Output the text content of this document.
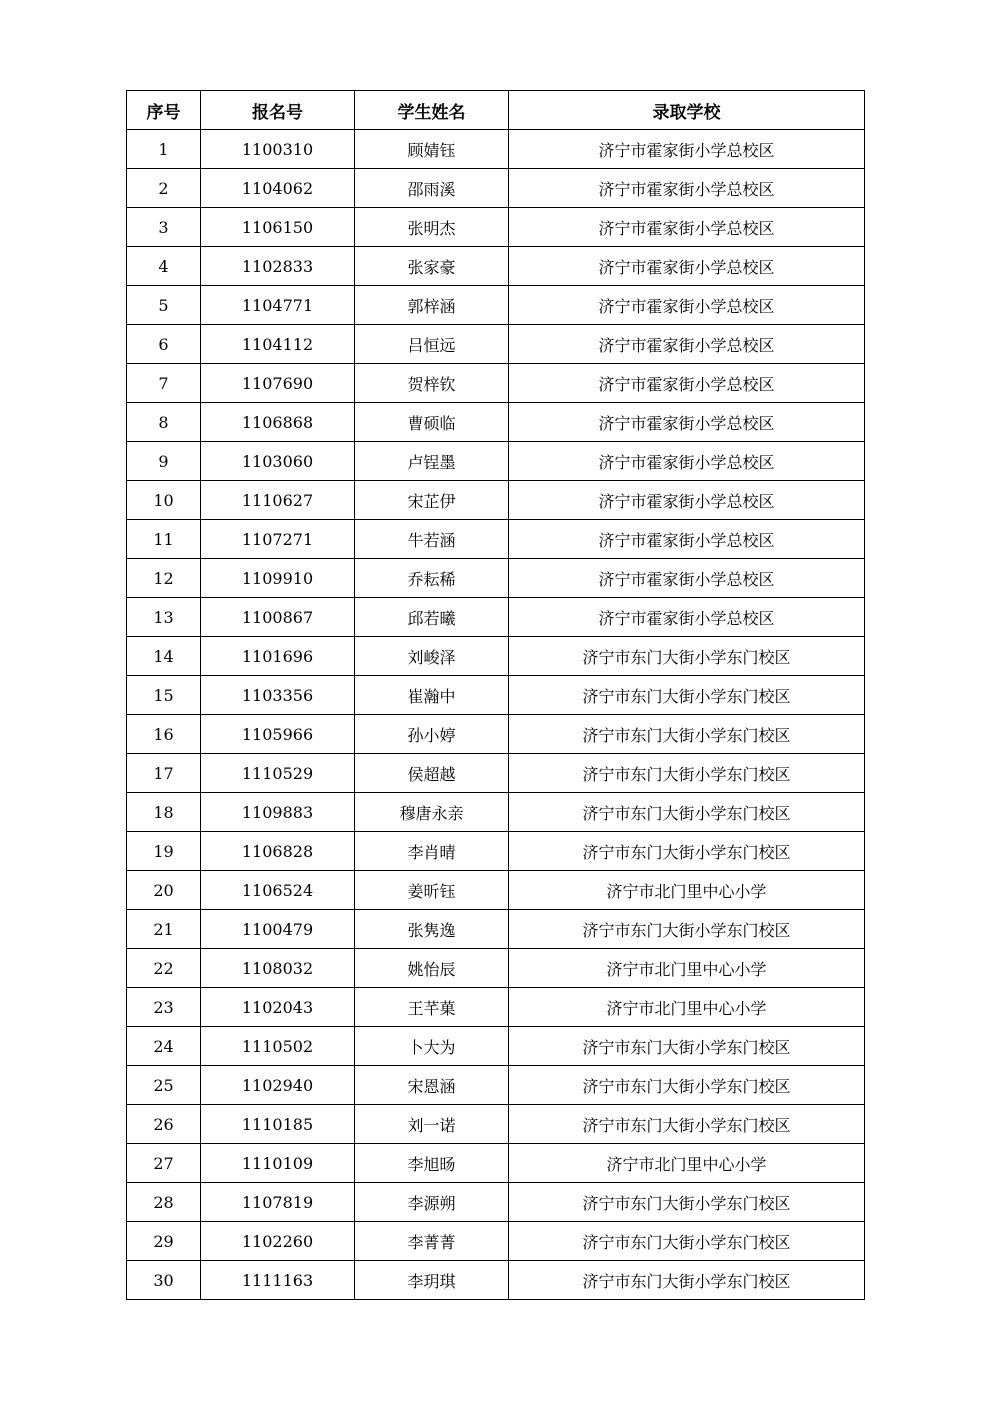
序号	报名号	学生姓名	录取学校
1	1100310	顾婧钰	济宁市霍家街小学总校区
2	1104062	邵雨溪	济宁市霍家街小学总校区
3	1106150	张明杰	济宁市霍家街小学总校区
4	1102833	张家豪	济宁市霍家街小学总校区
5	1104771	郭梓涵	济宁市霍家街小学总校区
6	1104112	吕恒远	济宁市霍家街小学总校区
7	1107690	贺梓钦	济宁市霍家街小学总校区
8	1106868	曹硕临	济宁市霍家街小学总校区
9	1103060	卢锃墨	济宁市霍家街小学总校区
10	1110627	宋芷伊	济宁市霍家街小学总校区
11	1107271	牛若涵	济宁市霍家街小学总校区
12	1109910	乔耘稀	济宁市霍家街小学总校区
13	1100867	邱若曦	济宁市霍家街小学总校区
14	1101696	刘峻泽	济宁市东门大街小学东门校区
15	1103356	崔瀚中	济宁市东门大街小学东门校区
16	1105966	孙小婷	济宁市东门大街小学东门校区
17	1110529	侯超越	济宁市东门大街小学东门校区
18	1109883	穆唐永亲	济宁市东门大街小学东门校区
19	1106828	李肖晴	济宁市东门大街小学东门校区
20	1106524	姜昕钰	济宁市北门里中心小学
21	1100479	张隽逸	济宁市东门大街小学东门校区
22	1108032	姚怡辰	济宁市北门里中心小学
23	1102043	王芊菓	济宁市北门里中心小学
24	1110502	卜大为	济宁市东门大街小学东门校区
25	1102940	宋恩涵	济宁市东门大街小学东门校区
26	1110185	刘一诺	济宁市东门大街小学东门校区
27	1110109	李旭旸	济宁市北门里中心小学
28	1107819	李源朔	济宁市东门大街小学东门校区
29	1102260	李菁菁	济宁市东门大街小学东门校区
30	1111163	李玥琪	济宁市东门大街小学东门校区
